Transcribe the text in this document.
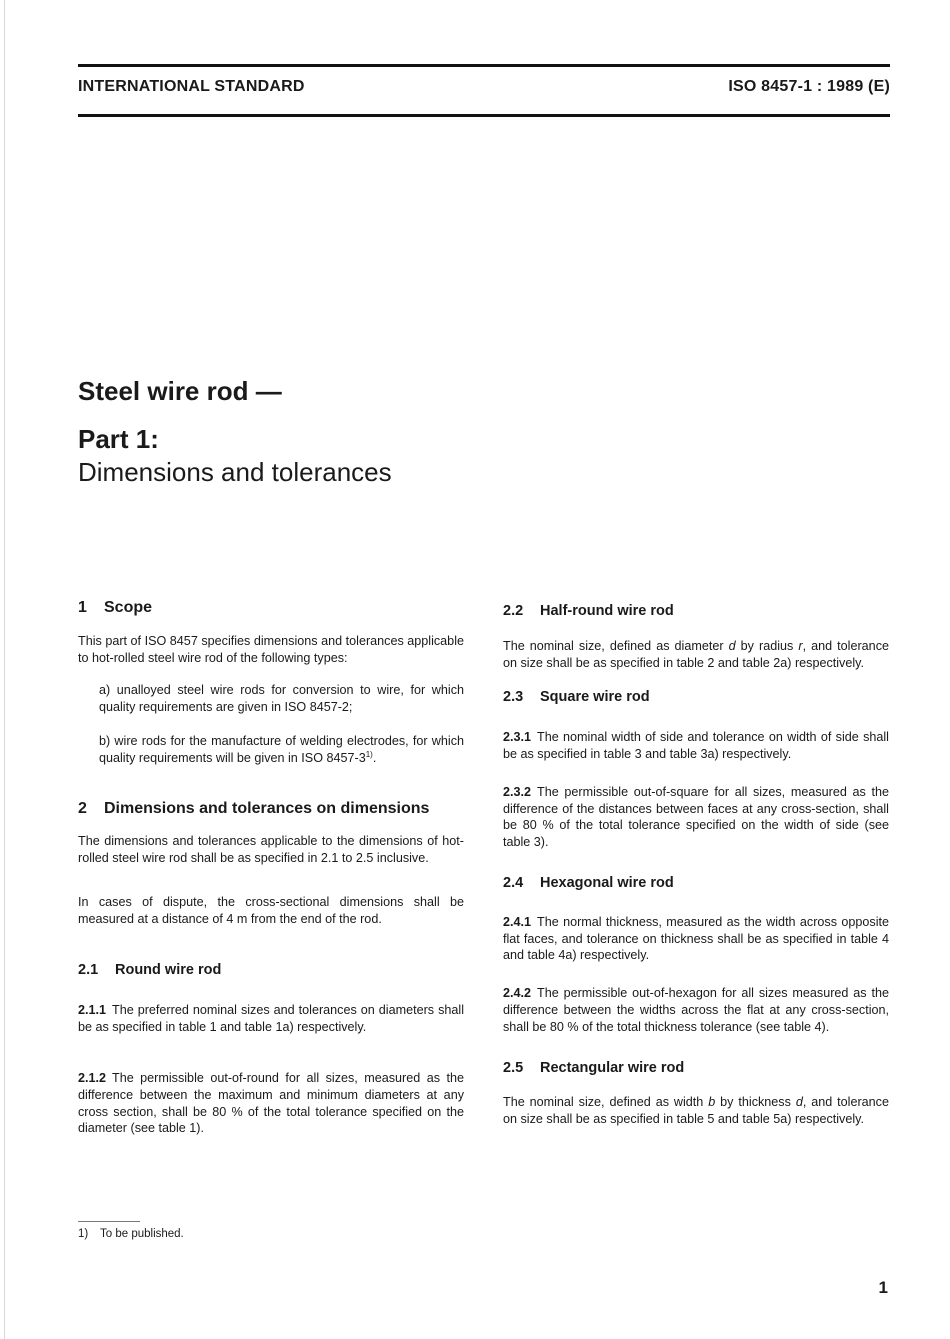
INTERNATIONAL STANDARD	ISO 8457-1 : 1989 (E)
Steel wire rod —
Part 1:
Dimensions and tolerances
1 Scope

This part of ISO 8457 specifies dimensions and tolerances applicable to hot-rolled steel wire rod of the following types:

a) unalloyed steel wire rods for conversion to wire, for which quality requirements are given in ISO 8457-2;

b) wire rods for the manufacture of welding electrodes, for which quality requirements will be given in ISO 8457-3$^{1)}$.

2 Dimensions and tolerances on dimensions

The dimensions and tolerances applicable to the dimensions of hot-rolled steel wire rod shall be as specified in 2.1 to 2.5 inclusive.

In cases of dispute, the cross-sectional dimensions shall be measured at a distance of 4 m from the end of the rod.

2.1 Round wire rod

2.1.1 The preferred nominal sizes and tolerances on diameters shall be as specified in table 1 and table 1a) respectively.

2.1.2 The permissible out-of-round for all sizes, measured as the difference between the maximum and minimum diameters at any cross section, shall be 80 % of the total tolerance specified on the diameter (see table 1).

2.2 Half-round wire rod

The nominal size, defined as diameter d by radius r, and tolerance on size shall be as specified in table 2 and table 2a) respectively.

2.3 Square wire rod

2.3.1 The nominal width of side and tolerance on width of side shall be as specified in table 3 and table 3a) respectively.

2.3.2 The permissible out-of-square for all sizes, measured as the difference of the distances between faces at any cross-section, shall be 80 % of the total tolerance specified on the width of side (see table 3).

2.4 Hexagonal wire rod

2.4.1 The normal thickness, measured as the width across opposite flat faces, and tolerance on thickness shall be as specified in table 4 and table 4a) respectively.

2.4.2 The permissible out-of-hexagon for all sizes measured as the difference between the widths across the flat at any cross-section, shall be 80 % of the total thickness tolerance (see table 4).

2.5 Rectangular wire rod

The nominal size, defined as width b by thickness d, and tolerance on size shall be as specified in table 5 and table 5a) respectively.

1) To be published.
1
